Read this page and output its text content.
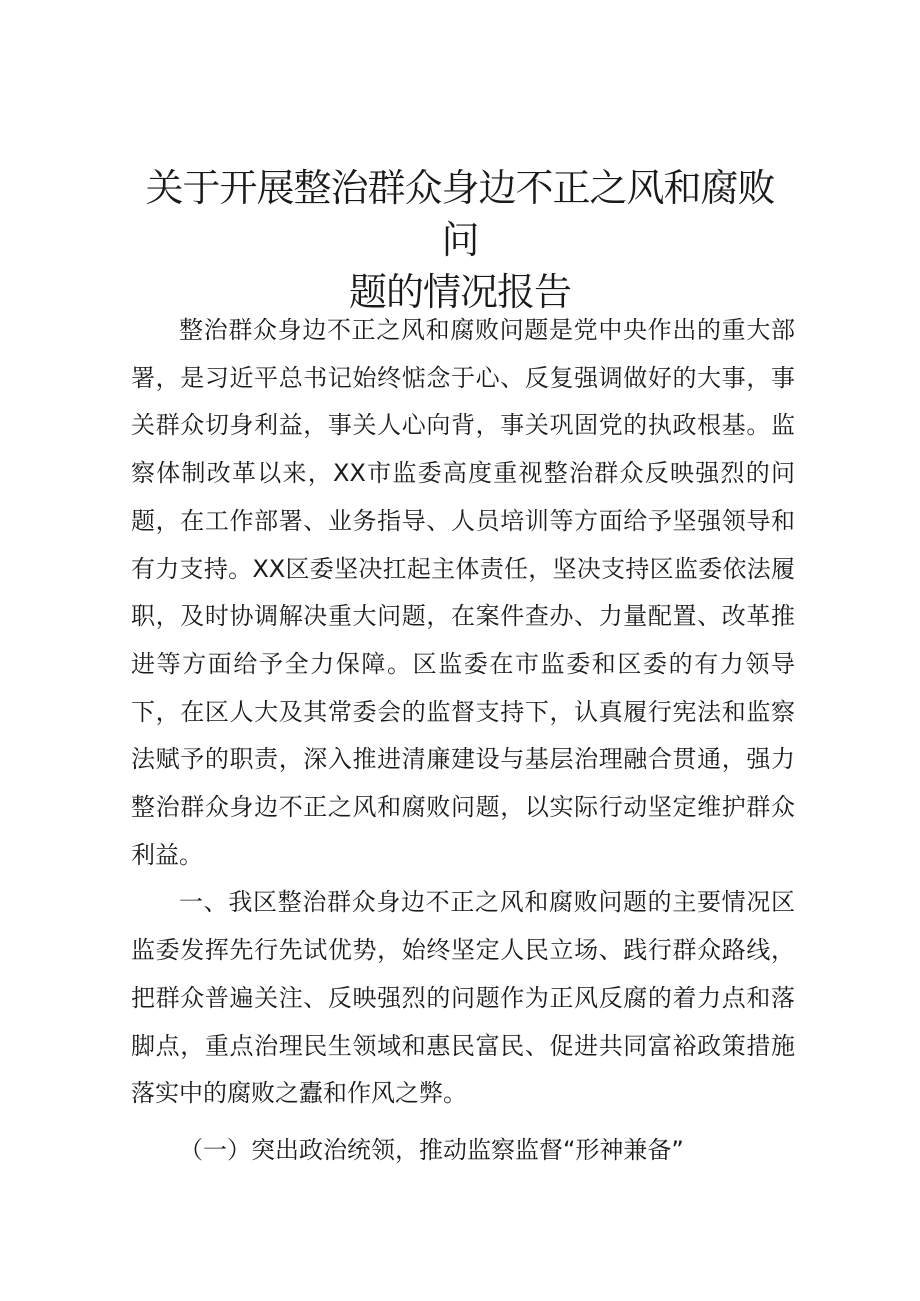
关于开展整治群众身边不正之风和腐败问
题的情况报告

整治群众身边不正之风和腐败问题是党中央作出的重大部署，是习近平总书记始终惦念于心、反复强调做好的大事，事关群众切身利益，事关人心向背，事关巩固党的执政根基。监察体制改革以来，XX市监委高度重视整治群众反映强烈的问题，在工作部署、业务指导、人员培训等方面给予坚强领导和有力支持。XX区委坚决扛起主体责任，坚决支持区监委依法履职，及时协调解决重大问题，在案件查办、力量配置、改革推进等方面给予全力保障。区监委在市监委和区委的有力领导下，在区人大及其常委会的监督支持下，认真履行宪法和监察法赋予的职责，深入推进清廉建设与基层治理融合贯通，强力整治群众身边不正之风和腐败问题，以实际行动坚定维护群众利益。

一、我区整治群众身边不正之风和腐败问题的主要情况区监委发挥先行先试优势，始终坚定人民立场、践行群众路线，把群众普遍关注、反映强烈的问题作为正风反腐的着力点和落脚点，重点治理民生领域和惠民富民、促进共同富裕政策措施落实中的腐败之蠹和作风之弊。

（一）突出政治统领，推动监察监督“形神兼备”
